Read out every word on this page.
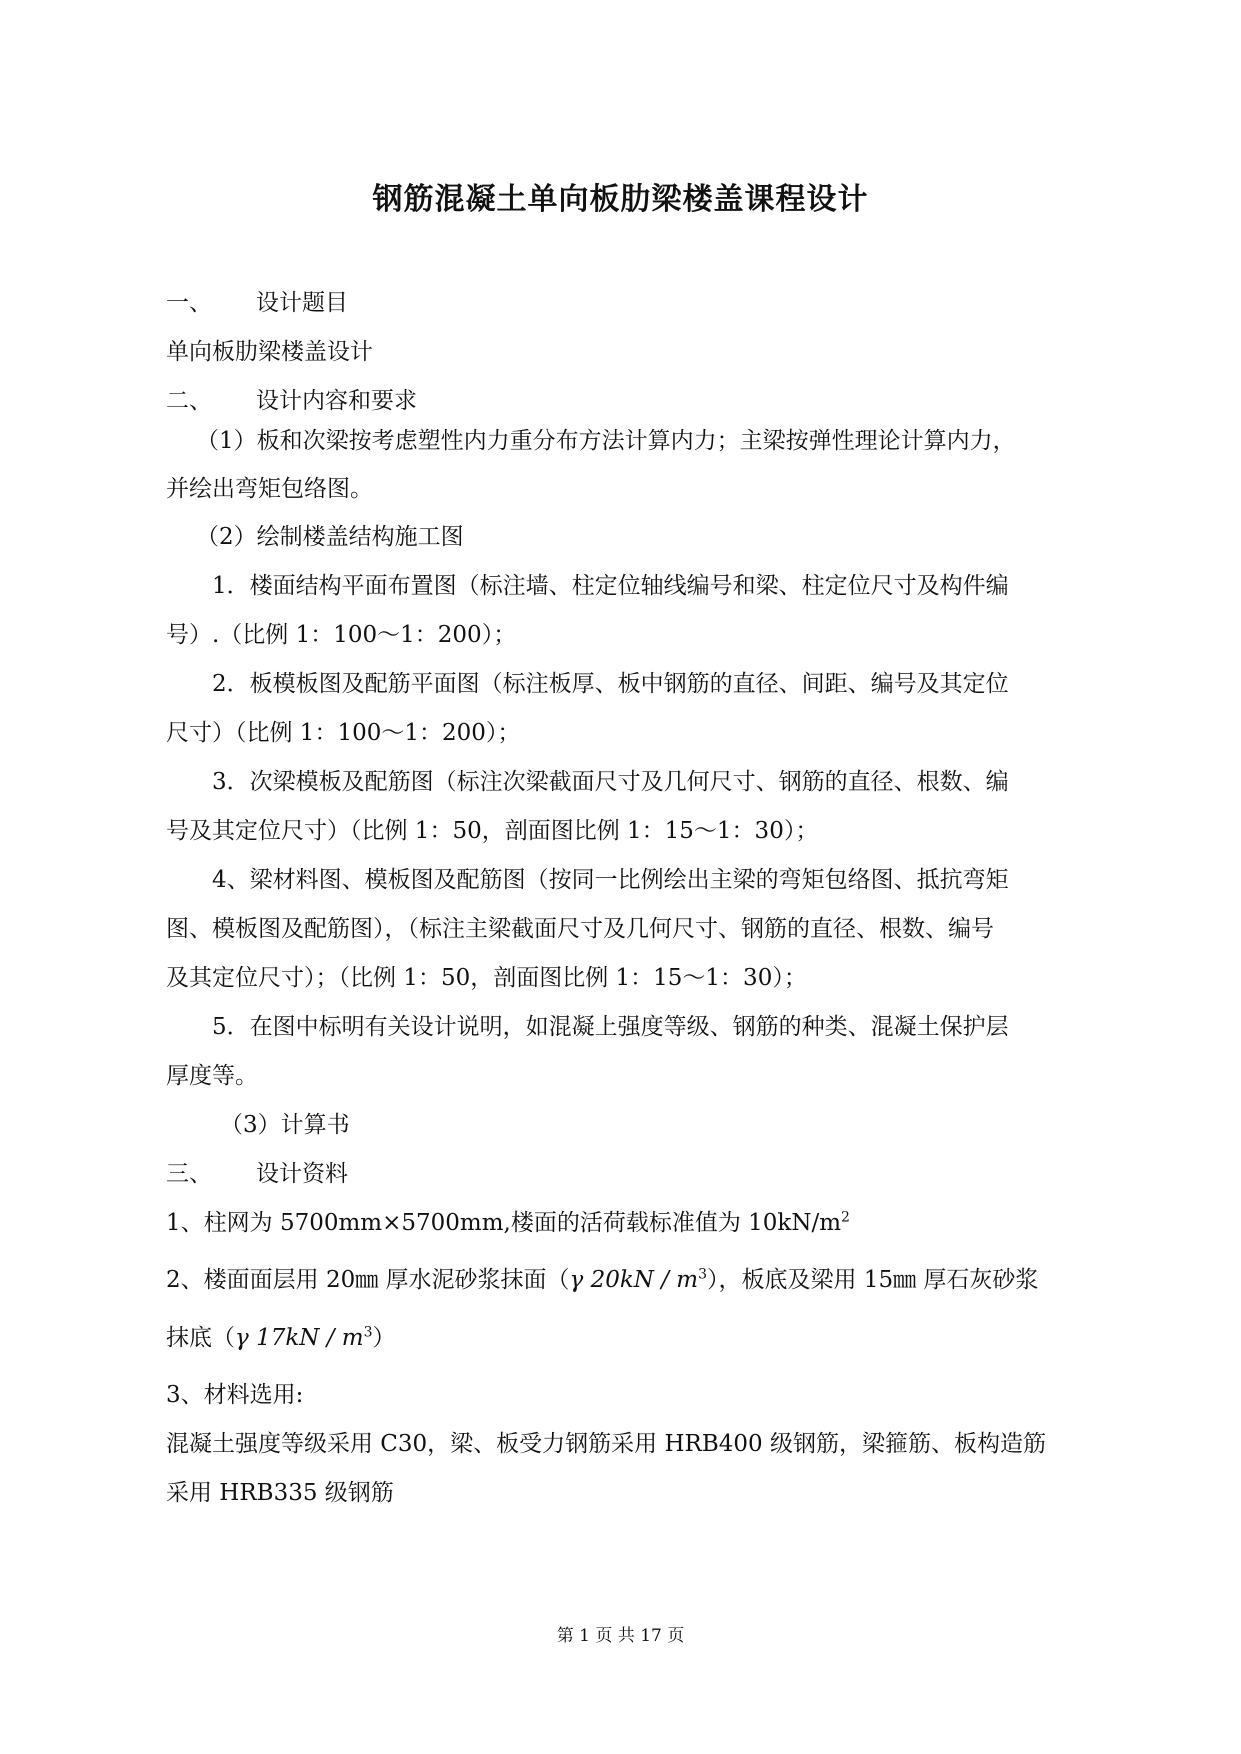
钢筋混凝土单向板肋梁楼盖课程设计
一、 设计题目
单向板肋梁楼盖设计
二、 设计内容和要求
（1）板和次梁按考虑塑性内力重分布方法计算内力；主梁按弹性理论计算内力，
并绘出弯矩包络图。
（2）绘制楼盖结构施工图
1．楼面结构平面布置图（标注墙、柱定位轴线编号和梁、柱定位尺寸及构件编
号）.（比例 1：100～1：200）；
2．板模板图及配筋平面图（标注板厚、板中钢筋的直径、间距、编号及其定位
尺寸）（比例 1：100～1：200）；
3．次梁模板及配筋图（标注次梁截面尺寸及几何尺寸、钢筋的直径、根数、编
号及其定位尺寸）（比例 1：50，剖面图比例 1：15～1：30）；
4、梁材料图、模板图及配筋图（按同一比例绘出主梁的弯矩包络图、抵抗弯矩
图、模板图及配筋图），（标注主梁截面尺寸及几何尺寸、钢筋的直径、根数、编号
及其定位尺寸）；（比例 1：50，剖面图比例 1：15～1：30）；
5．在图中标明有关设计说明，如混凝上强度等级、钢筋的种类、混凝土保护层
厚度等。
（3）计算书
三、 设计资料
1、柱网为 5700mm×5700mm,楼面的活荷载标准值为 $10kN/m^2$
2、楼面面层用 20㎜ 厚水泥砂浆抹面（γ $20kN / m^3$），板底及梁用 15㎜ 厚石灰砂浆
抹底（γ $17kN / m^3$）
3、材料选用:
混凝土强度等级采用 C30，梁、板受力钢筋采用 HRB400 级钢筋，梁箍筋、板构造筋
采用 HRB335 级钢筋
第 1 页 共 17 页
